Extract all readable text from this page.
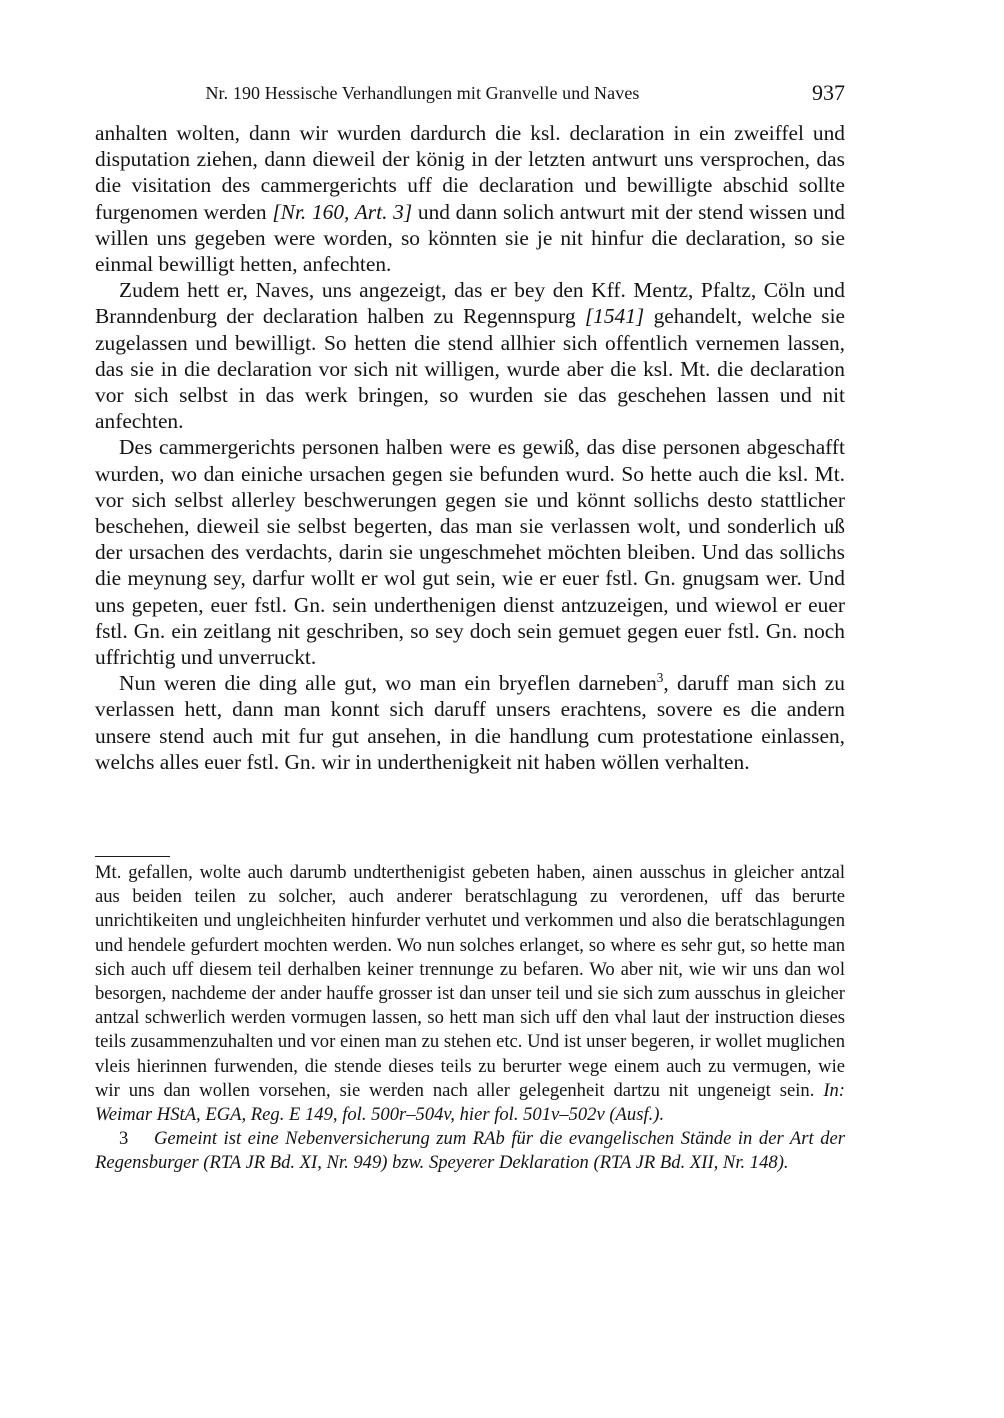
Nr. 190 Hessische Verhandlungen mit Granvelle und Naves	937

anhalten wolten, dann wir wurden dardurch die ksl. declaration in ein zweiffel und disputation ziehen, dann dieweil der könig in der letzten antwurt uns versprochen, das die visitation des cammergerichts uff die declaration und bewilligte abschid sollte furgenomen werden [Nr. 160, Art. 3] und dann solich antwurt mit der stend wissen und willen uns gegeben were worden, so könnten sie je nit hinfur die declaration, so sie einmal bewilligt hetten, anfechten.

Zudem hett er, Naves, uns angezeigt, das er bey den Kff. Mentz, Pfaltz, Cöln und Branndenburg der declaration halben zu Regennspurg [1541] gehandelt, welche sie zugelassen und bewilligt. So hetten die stend allhier sich offentlich vernemen lassen, das sie in die declaration vor sich nit willigen, wurde aber die ksl. Mt. die declaration vor sich selbst in das werk bringen, so wurden sie das geschehen lassen und nit anfechten.

Des cammergerichts personen halben were es gewiß, das dise personen abgeschafft wurden, wo dan einiche ursachen gegen sie befunden wurd. So hette auch die ksl. Mt. vor sich selbst allerley beschwerungen gegen sie und könnt sollichs desto stattlicher beschehen, dieweil sie selbst begerten, das man sie verlassen wolt, und sonderlich uß der ursachen des verdachts, darin sie ungeschmehet möchten bleiben. Und das sollichs die meynung sey, darfur wollt er wol gut sein, wie er euer fstl. Gn. gnugsam wer. Und uns gepeten, euer fstl. Gn. sein underthenigen dienst antzuzeigen, und wiewol er euer fstl. Gn. ein zeitlang nit geschriben, so sey doch sein gemuet gegen euer fstl. Gn. noch uffrichtig und unverruckt.

Nun weren die ding alle gut, wo man ein bryeflen darneben$^3$, daruff man sich zu verlassen hett, dann man konnt sich daruff unsers erachtens, sovere es die andern unsere stend auch mit fur gut ansehen, in die handlung cum protestatione einlassen, welchs alles euer fstl. Gn. wir in underthenigkeit nit haben wöllen verhalten.

Mt. gefallen, wolte auch darumb undterthenigist gebeten haben, ainen ausschus in gleicher antzal aus beiden teilen zu solcher, auch anderer beratschlagung zu verordenen, uff das berurte unrichtikeiten und ungleichheiten hinfurder verhutet und verkommen und also die beratschlagungen und hendele gefurdert mochten werden. Wo nun solches erlanget, so where es sehr gut, so hette man sich auch uff diesem teil derhalben keiner trennunge zu befaren. Wo aber nit, wie wir uns dan wol besorgen, nachdeme der ander hauffe grosser ist dan unser teil und sie sich zum ausschus in gleicher antzal schwerlich werden vormugen lassen, so hett man sich uff den vhal laut der instruction dieses teils zusammenzuhalten und vor einen man zu stehen etc. Und ist unser begeren, ir wollet muglichen vleis hierinnen furwenden, die stende dieses teils zu berurter wege einem auch zu vermugen, wie wir uns dan wollen vorsehen, sie werden nach aller gelegenheit dartzu nit ungeneigt sein. In: Weimar HStA, EGA, Reg. E 149, fol. 500r–504v, hier fol. 501v–502v (Ausf.).

3 Gemeint ist eine Nebenversicherung zum RAb für die evangelischen Stände in der Art der Regensburger (RTA JR Bd. XI, Nr. 949) bzw. Speyerer Deklaration (RTA JR Bd. XII, Nr. 148).
